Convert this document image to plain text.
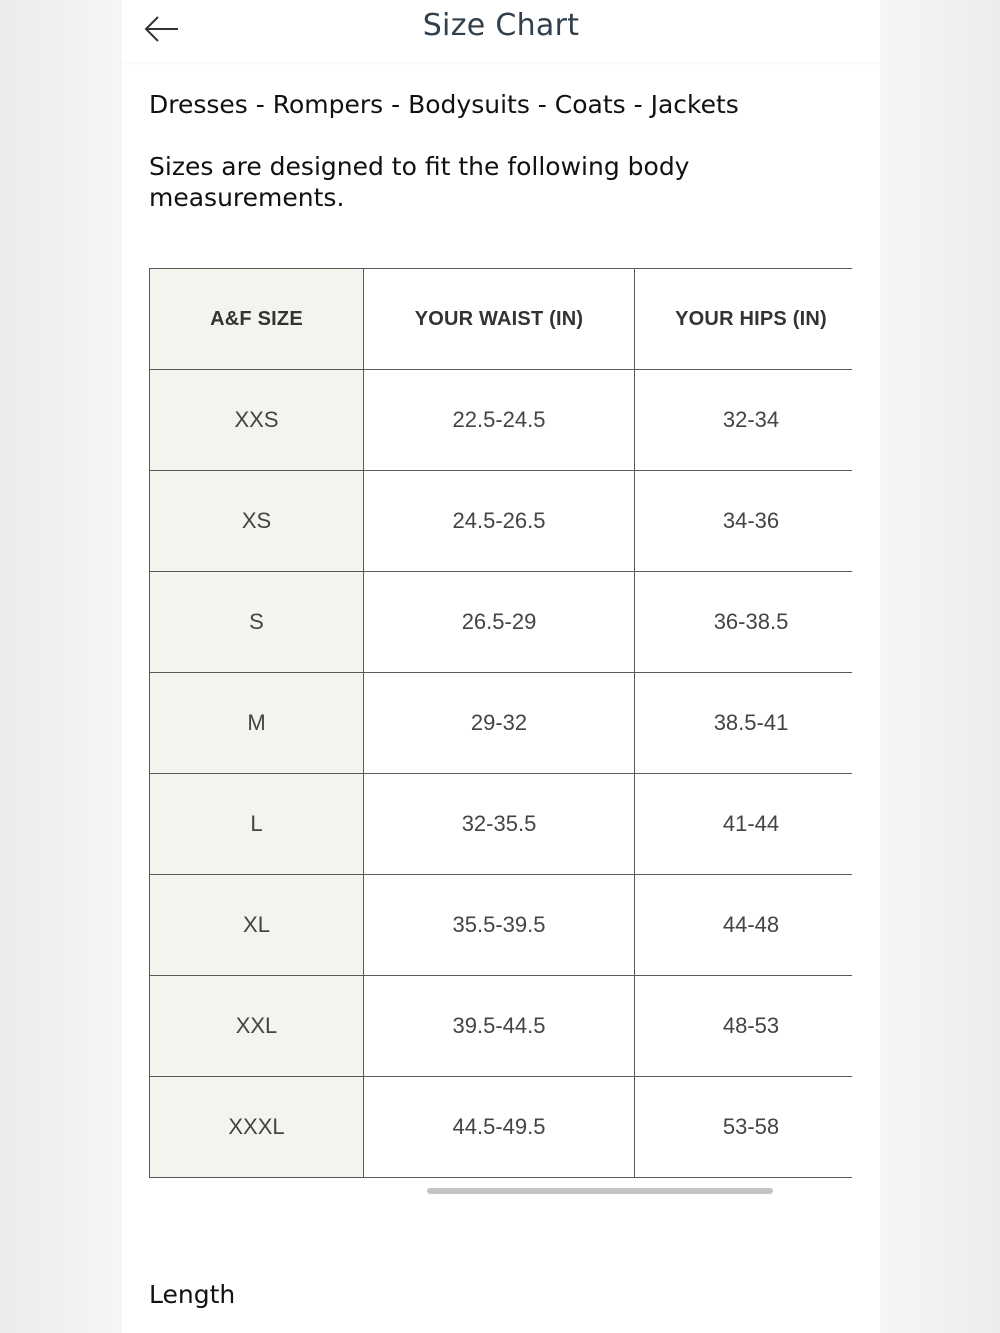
Size Chart
Dresses - Rompers - Bodysuits - Coats - Jackets
Sizes are designed to fit the following body measurements.
A&F SIZE	YOUR WAIST (IN)	YOUR HIPS (IN)
XXS	22.5-24.5	32-34
XS	24.5-26.5	34-36
S	26.5-29	36-38.5
M	29-32	38.5-41
L	32-35.5	41-44
XL	35.5-39.5	44-48
XXL	39.5-44.5	48-53
XXXL	44.5-49.5	53-58
Length
